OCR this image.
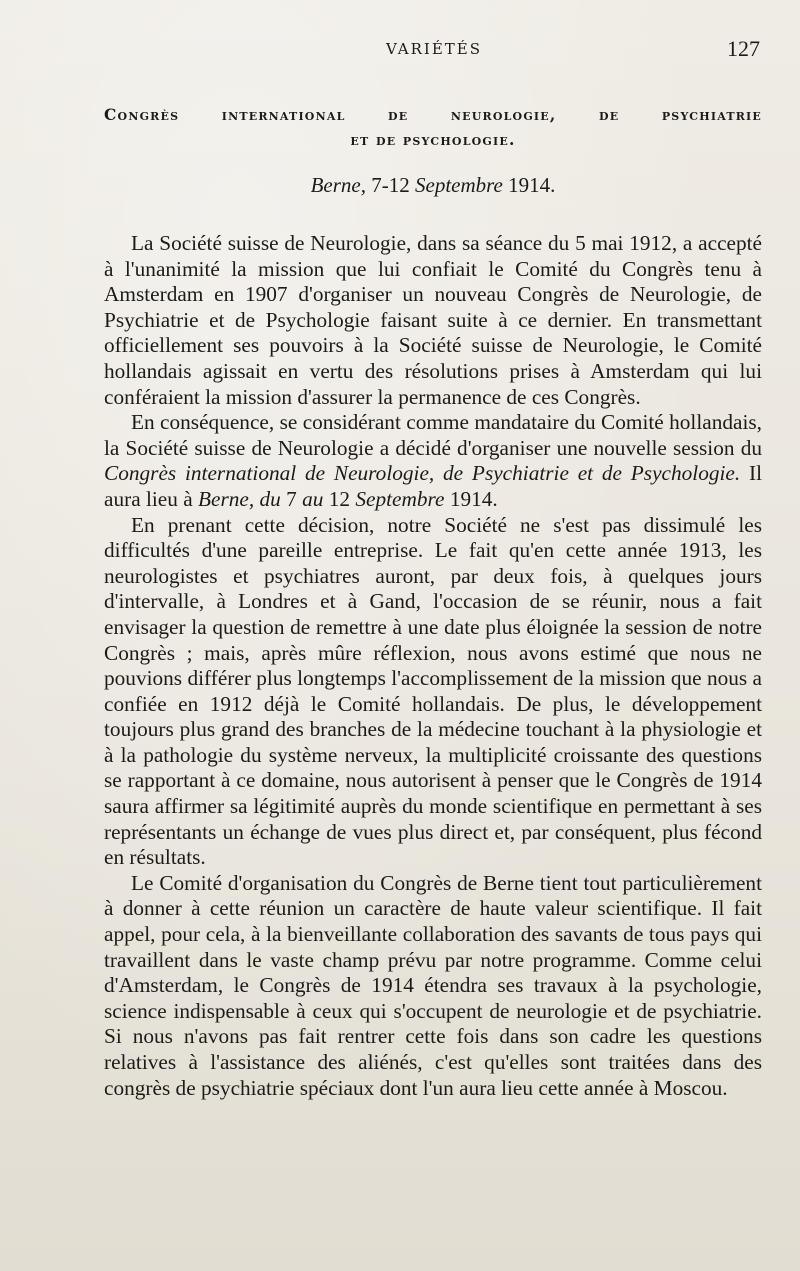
VARIÉTÉS	127
Congrès international de neurologie, de psychiatrie
et de psychologie.
Berne, 7-12 Septembre 1914.

La Société suisse de Neurologie, dans sa séance du 5 mai 1912, a accepté à l'unanimité la mission que lui confiait le Comité du Congrès tenu à Amsterdam en 1907 d'organiser un nouveau Congrès de Neurologie, de Psychiatrie et de Psychologie faisant suite à ce dernier. En transmettant officiellement ses pouvoirs à la Société suisse de Neurologie, le Comité hollandais agissait en vertu des résolutions prises à Amsterdam qui lui conféraient la mission d'assurer la permanence de ces Congrès.

En conséquence, se considérant comme mandataire du Comité hollandais, la Société suisse de Neurologie a décidé d'organiser une nouvelle session du Congrès international de Neurologie, de Psychiatrie et de Psychologie. Il aura lieu à Berne, du 7 au 12 Septembre 1914.

En prenant cette décision, notre Société ne s'est pas dissimulé les difficultés d'une pareille entreprise. Le fait qu'en cette année 1913, les neurologistes et psychiatres auront, par deux fois, à quelques jours d'intervalle, à Londres et à Gand, l'occasion de se réunir, nous a fait envisager la question de remettre à une date plus éloignée la session de notre Congrès ; mais, après mûre réflexion, nous avons estimé que nous ne pouvions différer plus longtemps l'accomplissement de la mission que nous a confiée en 1912 déjà le Comité hollandais. De plus, le développement toujours plus grand des branches de la médecine touchant à la physiologie et à la pathologie du système nerveux, la multiplicité croissante des questions se rapportant à ce domaine, nous autorisent à penser que le Congrès de 1914 saura affirmer sa légitimité auprès du monde scientifique en permettant à ses représentants un échange de vues plus direct et, par conséquent, plus fécond en résultats.

Le Comité d'organisation du Congrès de Berne tient tout particulièrement à donner à cette réunion un caractère de haute valeur scientifique. Il fait appel, pour cela, à la bienveillante collaboration des savants de tous pays qui travaillent dans le vaste champ prévu par notre programme. Comme celui d'Amsterdam, le Congrès de 1914 étendra ses travaux à la psychologie, science indispensable à ceux qui s'occupent de neurologie et de psychiatrie. Si nous n'avons pas fait rentrer cette fois dans son cadre les questions relatives à l'assistance des aliénés, c'est qu'elles sont traitées dans des congrès de psychiatrie spéciaux dont l'un aura lieu cette année à Moscou.
